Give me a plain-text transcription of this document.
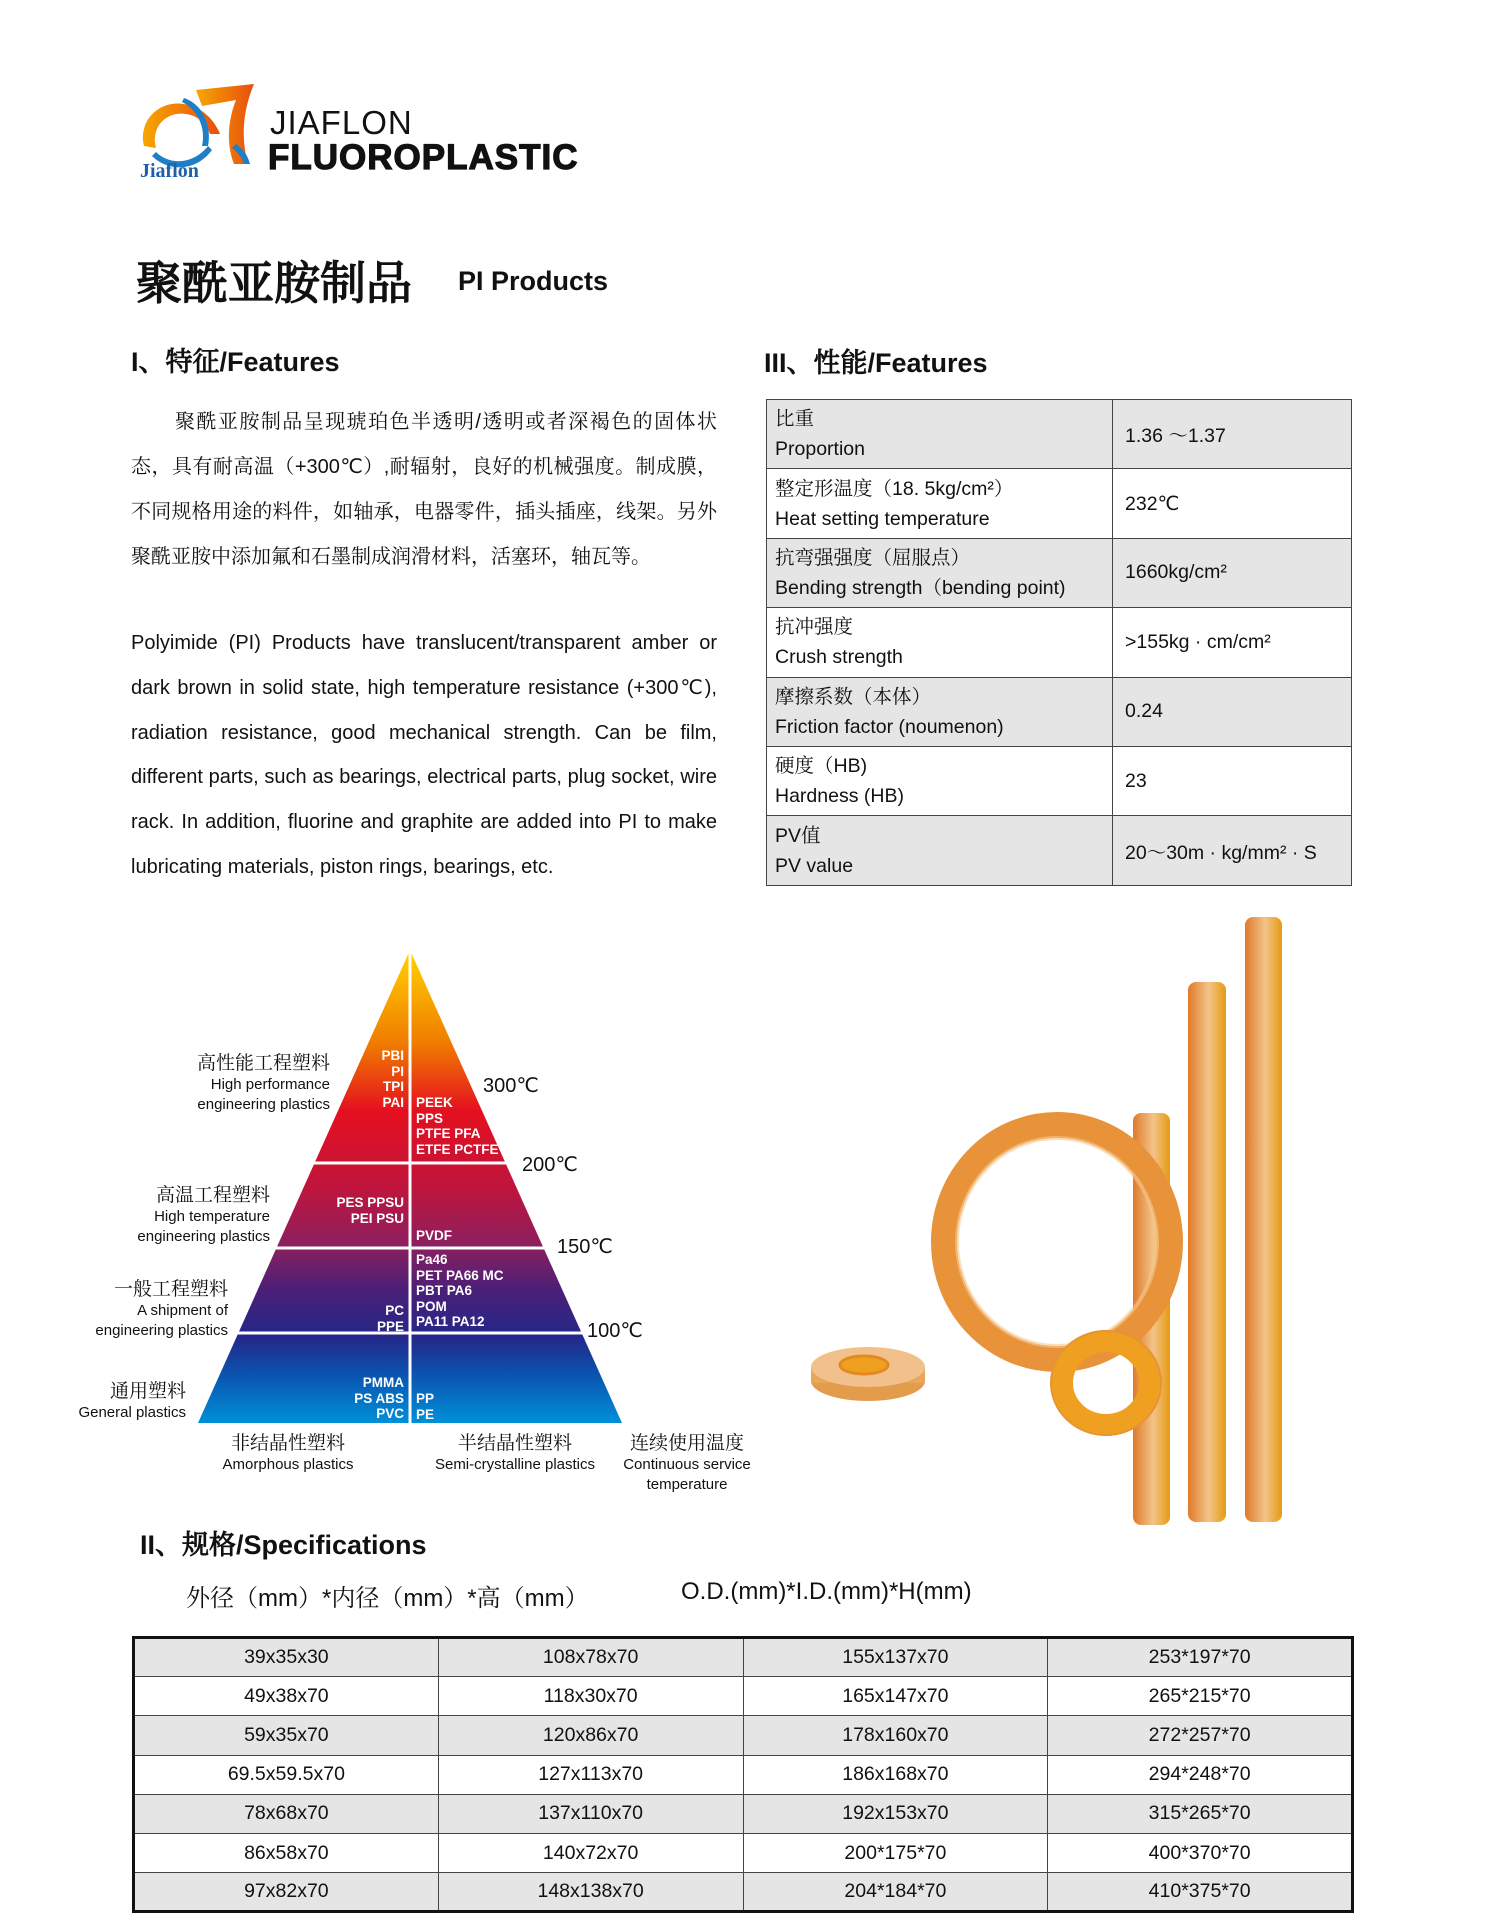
Jiaflon
JIAFLON
FLUOROPLASTIC
聚酰亚胺制品 PI Products
I、特征/Features

聚酰亚胺制品呈现琥珀色半透明/透明或者深褐色的固体状态，具有耐高温（+300℃）,耐辐射，良好的机械强度。制成膜，不同规格用途的料件，如轴承，电器零件，插头插座，线架。另外聚酰亚胺中添加氟和石墨制成润滑材料，活塞环，轴瓦等。

Polyimide (PI) Products have translucent/transparent amber or dark brown in solid state, high temperature resistance (+300℃), radiation resistance, good mechanical strength. Can be film, different parts, such as bearings, electrical parts, plug socket, wire rack. In addition, fluorine and graphite are added into PI to make lubricating materials, piston rings, bearings, etc.

III、性能/Features
比重
Proportion	1.36 ～1.37

整定形温度（18. 5kg/cm²）
Heat setting temperature	232℃

抗弯强强度（屈服点）
Bending strength（bending point)	1660kg/cm²

抗冲强度
Crush strength	>155kg · cm/cm²

摩擦系数（本体）
Friction factor (noumenon)	0.24

硬度（HB)
Hardness (HB)	23

PV值
PV value	20～30m · kg/mm² · S
高性能工程塑料
High performance
engineering plastics
高温工程塑料
High temperature
engineering plastics
一般工程塑料
A shipment of
engineering plastics
通用塑料
General plastics
PBI
PI
TPI
PAI PEEK
PPS
PTFE PFA
ETFE PCTFE
PES PPSU
PEI PSU
PVDF
PC
PPE
Pa46
PET PA66 MC
PBT PA6
POM
PA11 PA12
PMMA
PS ABS
PVC
PP
PE
300℃
200℃
150℃
100℃
非结晶性塑料
Amorphous plastics
半结晶性塑料
Semi-crystalline plastics
连续使用温度
Continuous service
temperature
II、规格/Specifications
外径（mm）*内径（mm）*高（mm）	O.D.(mm)*I.D.(mm)*H(mm)
39x35x30	108x78x70	155x137x70	253*197*70
49x38x70	118x30x70	165x147x70	265*215*70
59x35x70	120x86x70	178x160x70	272*257*70
69.5x59.5x70	127x113x70	186x168x70	294*248*70
78x68x70	137x110x70	192x153x70	315*265*70
86x58x70	140x72x70	200*175*70	400*370*70
97x82x70	148x138x70	204*184*70	410*375*70
